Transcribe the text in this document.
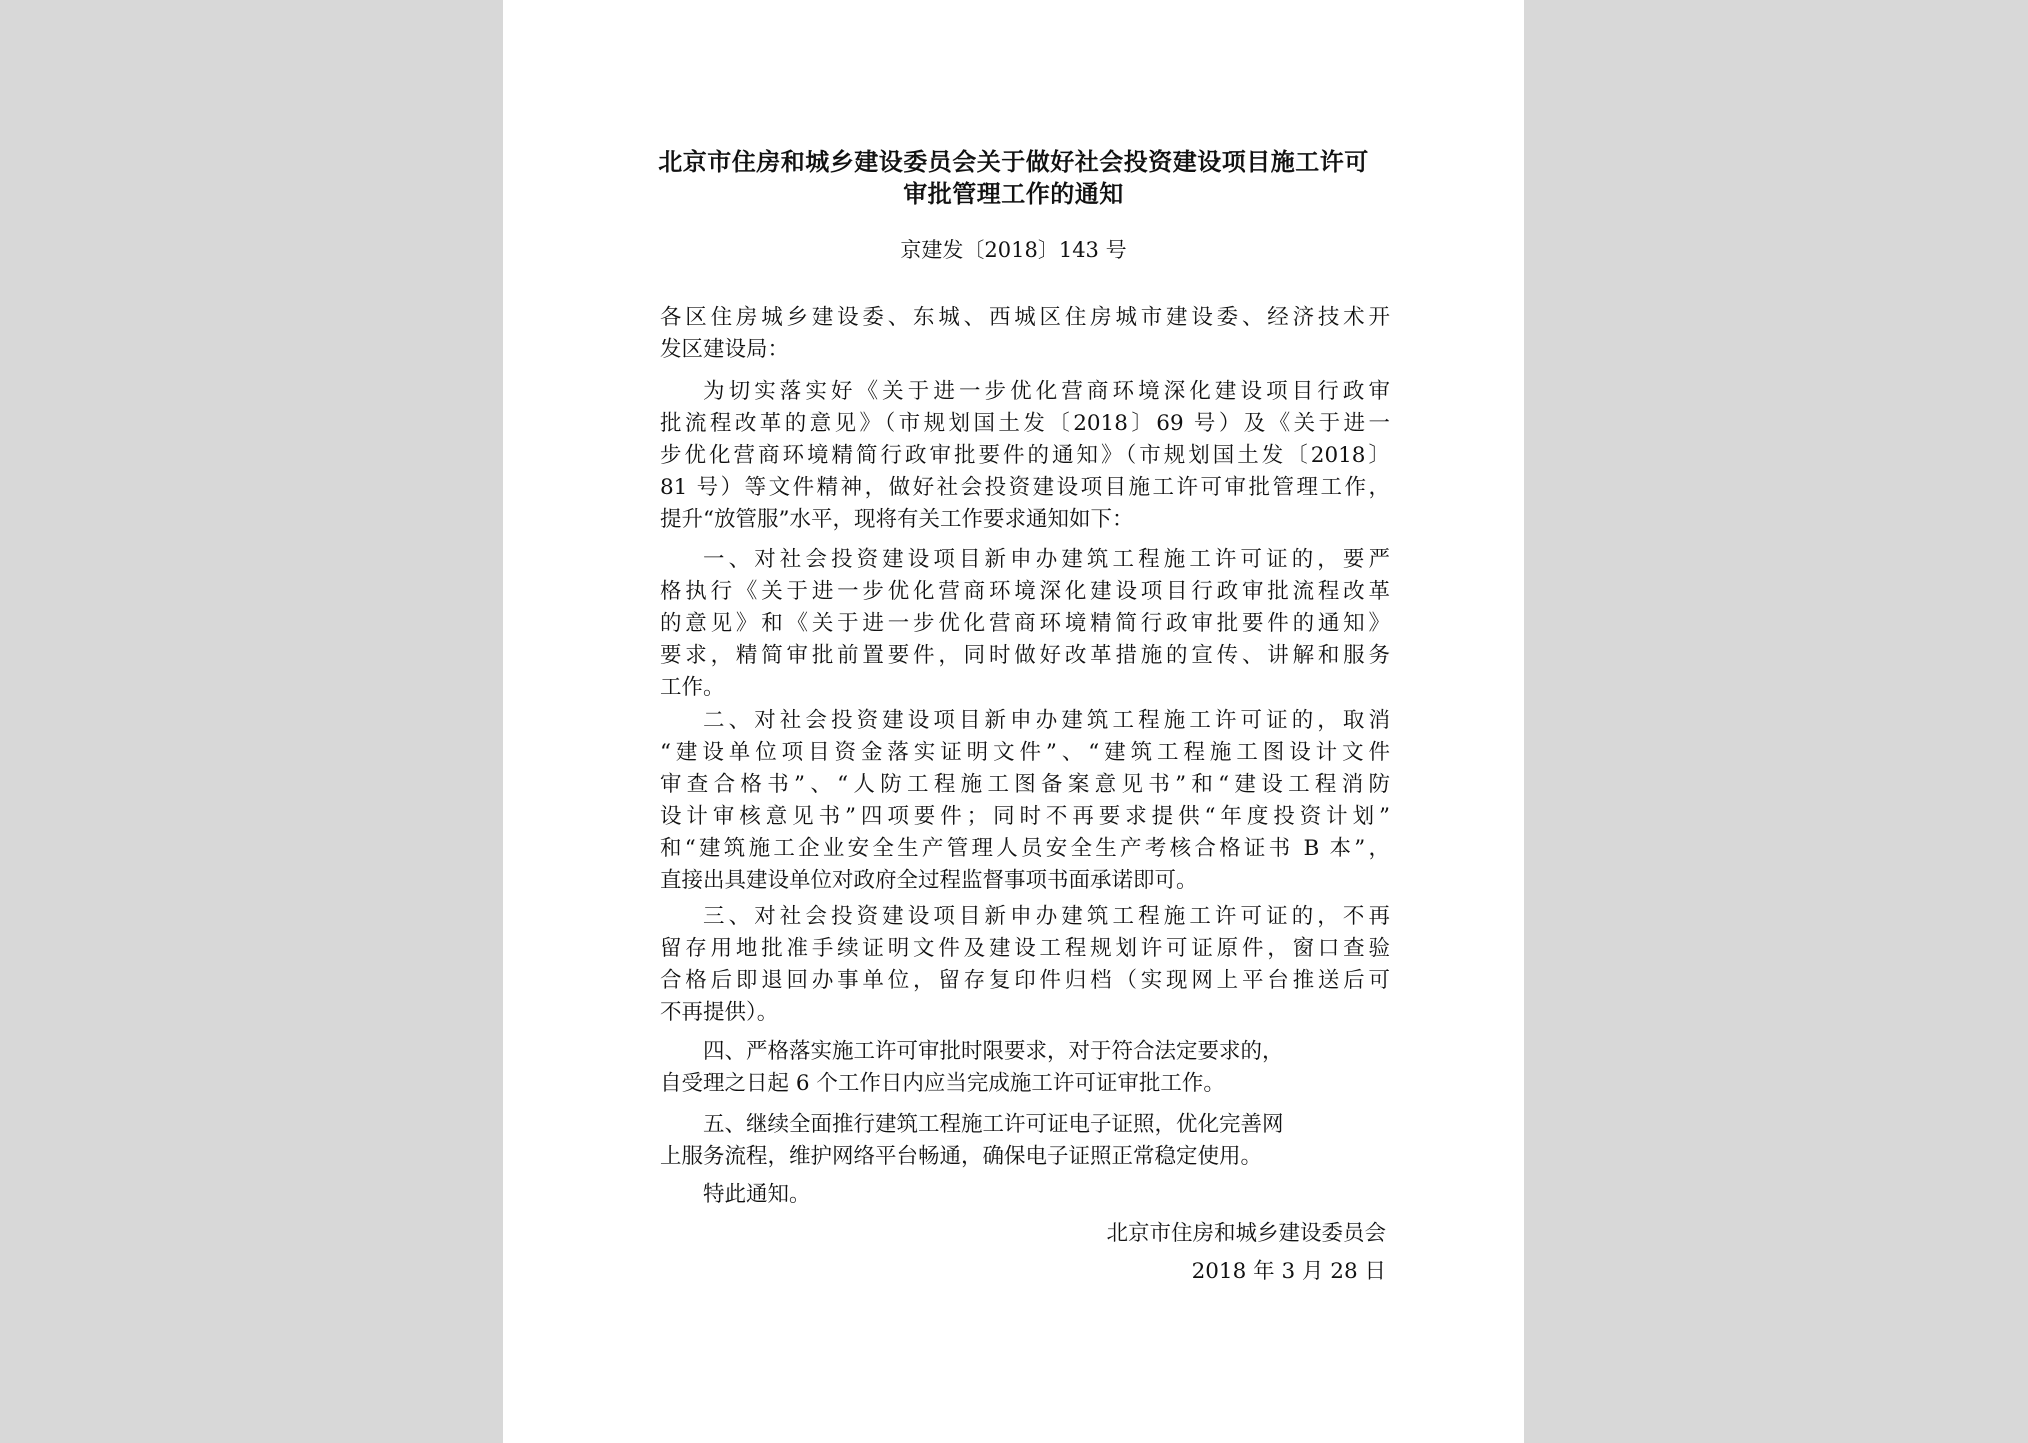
北京市住房和城乡建设委员会关于做好社会投资建设项目施工许可
审批管理工作的通知
京建发〔2018〕143 号
各区住房城乡建设委、东城、西城区住房城市建设委、经济技术开
发区建设局：
为切实落实好《关于进一步优化营商环境深化建设项目行政审
批流程改革的意见》（市规划国土发〔2018〕69 号）及《关于进一
步优化营商环境精简行政审批要件的通知》（市规划国土发〔2018〕
81 号）等文件精神，做好社会投资建设项目施工许可审批管理工作，
提升“放管服”水平，现将有关工作要求通知如下：
一、对社会投资建设项目新申办建筑工程施工许可证的，要严
格执行《关于进一步优化营商环境深化建设项目行政审批流程改革
的意见》和《关于进一步优化营商环境精简行政审批要件的通知》
要求，精简审批前置要件，同时做好改革措施的宣传、讲解和服务
工作。
二、对社会投资建设项目新申办建筑工程施工许可证的，取消
“建设单位项目资金落实证明文件”、“建筑工程施工图设计文件
审查合格书”、“人防工程施工图备案意见书”和“建设工程消防
设计审核意见书”四项要件；同时不再要求提供“年度投资计划”
和“建筑施工企业安全生产管理人员安全生产考核合格证书 B 本”，
直接出具建设单位对政府全过程监督事项书面承诺即可。
三、对社会投资建设项目新申办建筑工程施工许可证的，不再
留存用地批准手续证明文件及建设工程规划许可证原件，窗口查验
合格后即退回办事单位，留存复印件归档（实现网上平台推送后可
不再提供）。
四、严格落实施工许可审批时限要求，对于符合法定要求的，
自受理之日起 6 个工作日内应当完成施工许可证审批工作。
五、继续全面推行建筑工程施工许可证电子证照，优化完善网
上服务流程，维护网络平台畅通，确保电子证照正常稳定使用。
特此通知。
北京市住房和城乡建设委员会
2018 年 3 月 28 日
